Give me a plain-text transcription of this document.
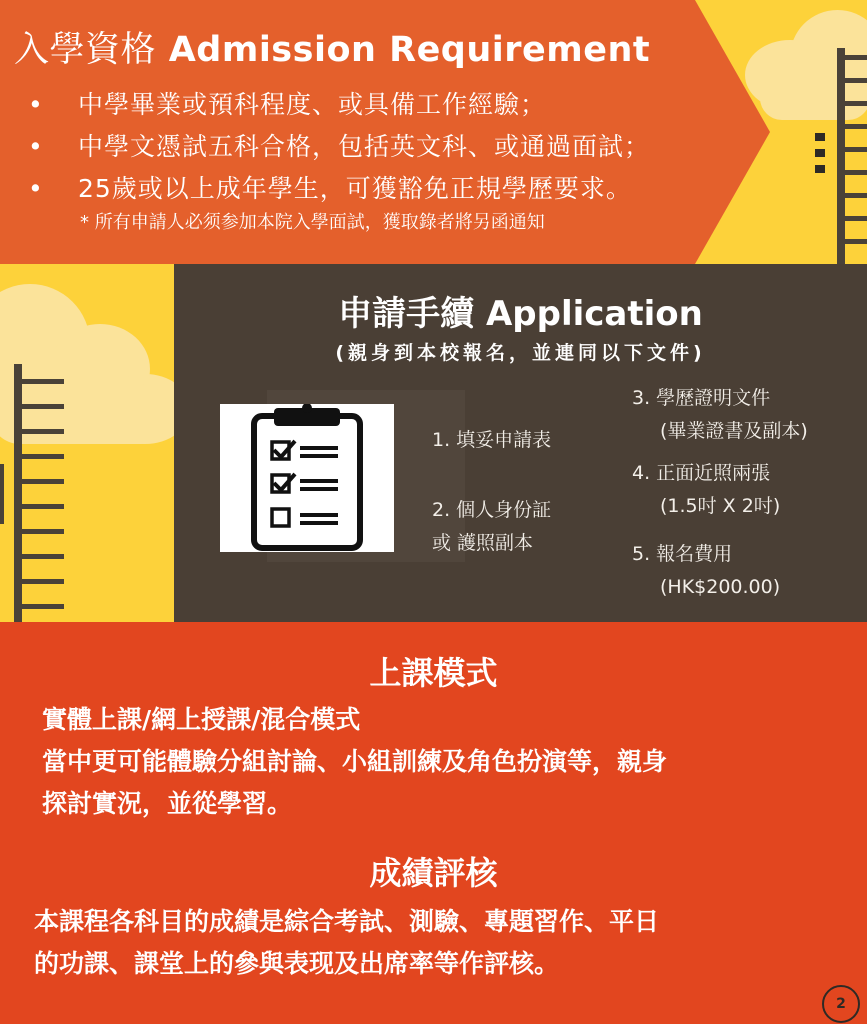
入學資格 Admission Requirement
• 中學畢業或預科程度、或具備工作經驗；
• 中學文憑試五科合格，包括英文科、或通過面試；
• 25歲或以上成年學生，可獲豁免正規學歷要求。

* 所有申請人必须参加本院入學面試，獲取錄者將另函通知

申請手續 Application

(親身到本校報名，並連同以下文件)

1. 填妥申請表
2. 個人身份証
或 護照副本
3. 學歷證明文件
(畢業證書及副本)
4. 正面近照兩張
(1.5吋 X 2吋)
5. 報名費用
(HK$200.00)
上課模式

實體上課/網上授課/混合模式

當中更可能體驗分組討論、小組訓練及角色扮演等，親身

探討實況，並從學習。

成績評核

本課程各科目的成績是綜合考試、測驗、專題習作、平日

的功課、課堂上的參與表现及出席率等作評核。

2
